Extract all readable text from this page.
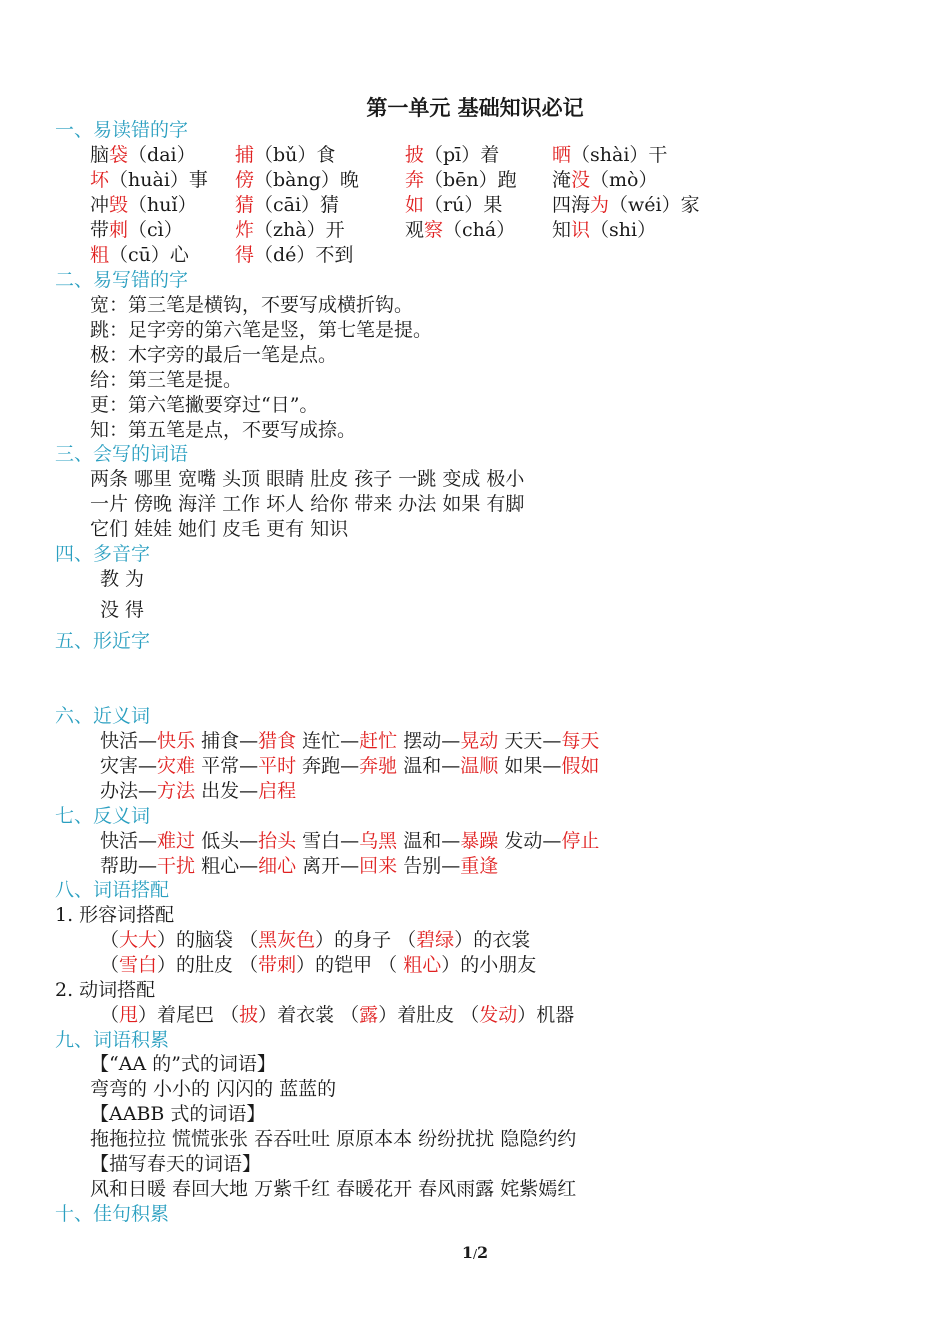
第一单元 基础知识必记
一、易读错的字
脑袋（dai） 捕（bǔ）食	披（pī）着	晒（shài）干
坏（huài）事 傍（bàng）晚 奔（bēn）跑 淹没（mò）
冲毁（huǐ） 猜（cāi）猜	如（rú）果	四海为（wéi）家
带刺（cì）	炸（zhà）开	观察（chá） 知识（shi）
粗（cū）心 得（dé）不到
二、易写错的字
宽：第三笔是横钩，不要写成横折钩。
跳：足字旁的第六笔是竖，第七笔是提。
极：木字旁的最后一笔是点。
给：第三笔是提。
更：第六笔撇要穿过“日”。
知：第五笔是点，不要写成捺。
三、会写的词语
两条 哪里 宽嘴 头顶 眼睛 肚皮 孩子 一跳 变成 极小
一片 傍晚 海洋 工作 坏人 给你 带来 办法 如果 有脚
它们 娃娃 她们 皮毛 更有 知识
四、多音字
教 为
没 得
五、形近字
六、近义词
快活—快乐 捕食—猎食 连忙—赶忙 摆动—晃动 天天—每天
灾害—灾难 平常—平时 奔跑—奔驰 温和—温顺 如果—假如
办法—方法 出发—启程
七、反义词
快活—难过 低头—抬头 雪白—乌黑 温和—暴躁 发动—停止
帮助—干扰 粗心—细心 离开—回来 告别—重逢
八、词语搭配
1. 形容词搭配
（大大）的脑袋 （黑灰色）的身子 （碧绿）的衣裳
（雪白）的肚皮 （带刺）的铠甲 （ 粗心）的小朋友
2. 动词搭配
（甩）着尾巴 （披）着衣裳 （露）着肚皮 （发动）机器
九、词语积累
【“AA 的”式的词语】
弯弯的 小小的 闪闪的 蓝蓝的
【AABB 式的词语】
拖拖拉拉 慌慌张张 吞吞吐吐 原原本本 纷纷扰扰 隐隐约约
【描写春天的词语】
风和日暖 春回大地 万紫千红 春暖花开 春风雨露 姹紫嫣红
十、佳句积累
1/2
